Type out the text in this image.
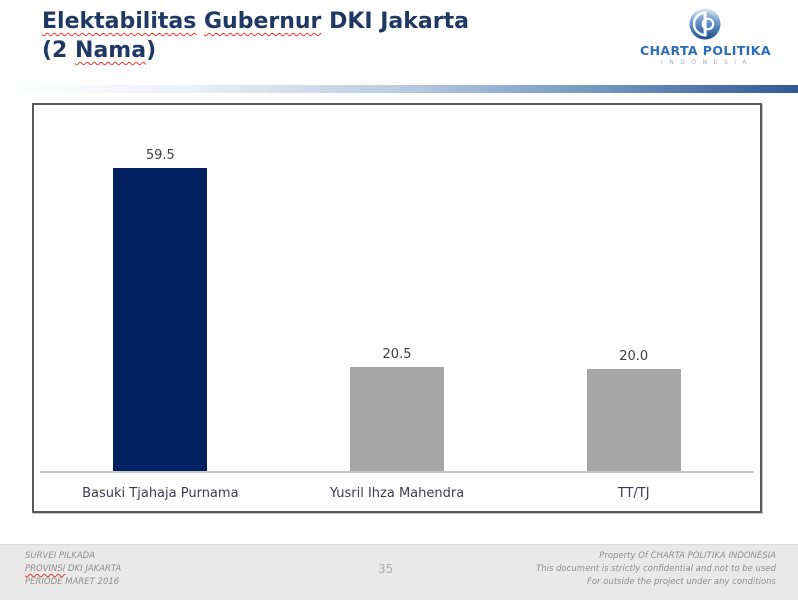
Elektabilitas Gubernur DKI Jakarta
(2 Nama)	CHARTA POLITIKA
INDONESIA
59.5
20.5	20.0
Basuki Tjahaja Purnama	Yusril Ihza Mahendra	TT/TJ
SURVEI PILKADA
PROVINSI DKI JAKARTA
PERIODE MARET 2016
35
Property Of CHARTA POLITIKA INDONESIA
This document is strictly confidential and not to be used
For outside the project under any conditions
